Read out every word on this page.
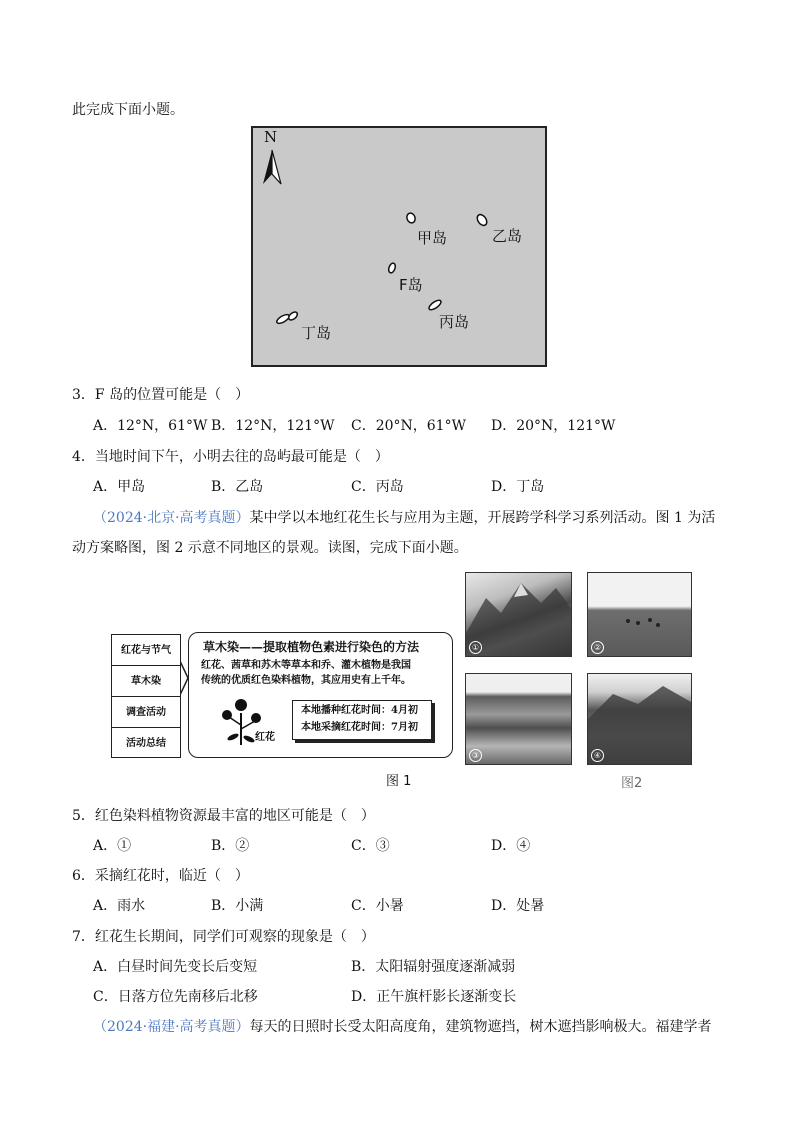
此完成下面小题。
N
甲岛	乙岛
F岛
丙岛
丁岛
3．F 岛的位置可能是（　）
A．12°N，61°W B．12°N，121°W C．20°N，61°W D．20°N，121°W
4．当地时间下午，小明去往的岛屿最可能是（　）
A．甲岛	B．乙岛	C．丙岛	D．丁岛
（2024·北京·高考真题）某中学以本地红花生长与应用为主题，开展跨学科学习系列活动。图 1 为活
动方案略图，图 2 示意不同地区的景观。读图，完成下面小题。
红花与节气
草木染
调查活动
活动总结
草木染——提取植物色素进行染色的方法
红花、茜草和苏木等草本和乔、灌木植物是我国
传统的优质红色染料植物，其应用史有上千年。
红花
本地播种红花时间：4月初
本地采摘红花时间：7月初
图 1
①	②
③	④
图2
5．红色染料植物资源最丰富的地区可能是（　）
A．①	B．②	C．③	D．④
6．采摘红花时，临近（　）
A．雨水	B．小满	C．小暑	D．处暑
7．红花生长期间，同学们可观察的现象是（　）
A．白昼时间先变长后变短	B．太阳辐射强度逐渐减弱
C．日落方位先南移后北移	D．正午旗杆影长逐渐变长
（2024·福建·高考真题）每天的日照时长受太阳高度角，建筑物遮挡，树木遮挡影响极大。福建学者
